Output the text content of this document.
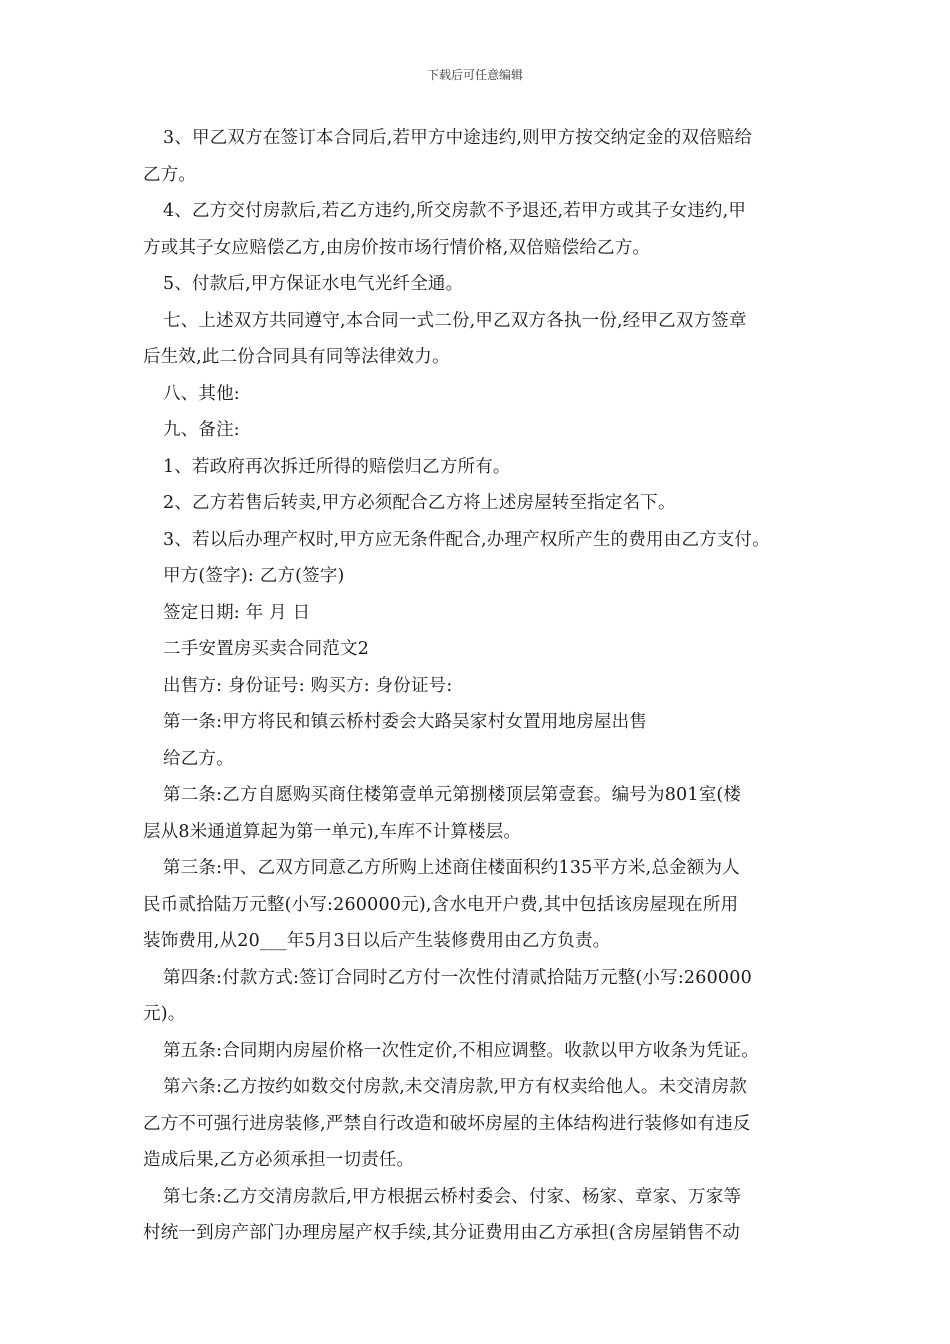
下载后可任意编辑
3、甲乙双方在签订本合同后,若甲方中途违约,则甲方按交纳定金的双倍赔给
乙方。
4、乙方交付房款后,若乙方违约,所交房款不予退还,若甲方或其子女违约,甲
方或其子女应赔偿乙方,由房价按市场行情价格,双倍赔偿给乙方。
5、付款后,甲方保证水电气光纤全通。
七、上述双方共同遵守,本合同一式二份,甲乙双方各执一份,经甲乙双方签章
后生效,此二份合同具有同等法律效力。
八、其他:
九、备注:
1、若政府再次拆迁所得的赔偿归乙方所有。
2、乙方若售后转卖,甲方必须配合乙方将上述房屋转至指定名下。
3、若以后办理产权时,甲方应无条件配合,办理产权所产生的费用由乙方支付。
甲方(签字): 乙方(签字)
签定日期: 年 月 日
二手安置房买卖合同范文2
出售方: 身份证号: 购买方: 身份证号:
第一条:甲方将民和镇云桥村委会大路吴家村女置用地房屋出售
给乙方。
第二条:乙方自愿购买商住楼第壹单元第捌楼顶层第壹套。编号为801室(楼
层从8米通道算起为第一单元),车库不计算楼层。
第三条:甲、乙双方同意乙方所购上述商住楼面积约135平方米,总金额为人
民币贰拾陆万元整(小写:260000元),含水电开户费,其中包括该房屋现在所用
装饰费用,从20___年5月3日以后产生装修费用由乙方负责。
第四条:付款方式:签订合同时乙方付一次性付清贰拾陆万元整(小写:260000
元)。
第五条:合同期内房屋价格一次性定价,不相应调整。收款以甲方收条为凭证。
第六条:乙方按约如数交付房款,未交清房款,甲方有权卖给他人。未交清房款
乙方不可强行进房装修,严禁自行改造和破坏房屋的主体结构进行装修如有违反
造成后果,乙方必须承担一切责任。
第七条:乙方交清房款后,甲方根据云桥村委会、付家、杨家、章家、万家等
村统一到房产部门办理房屋产权手续,其分证费用由乙方承担(含房屋销售不动
